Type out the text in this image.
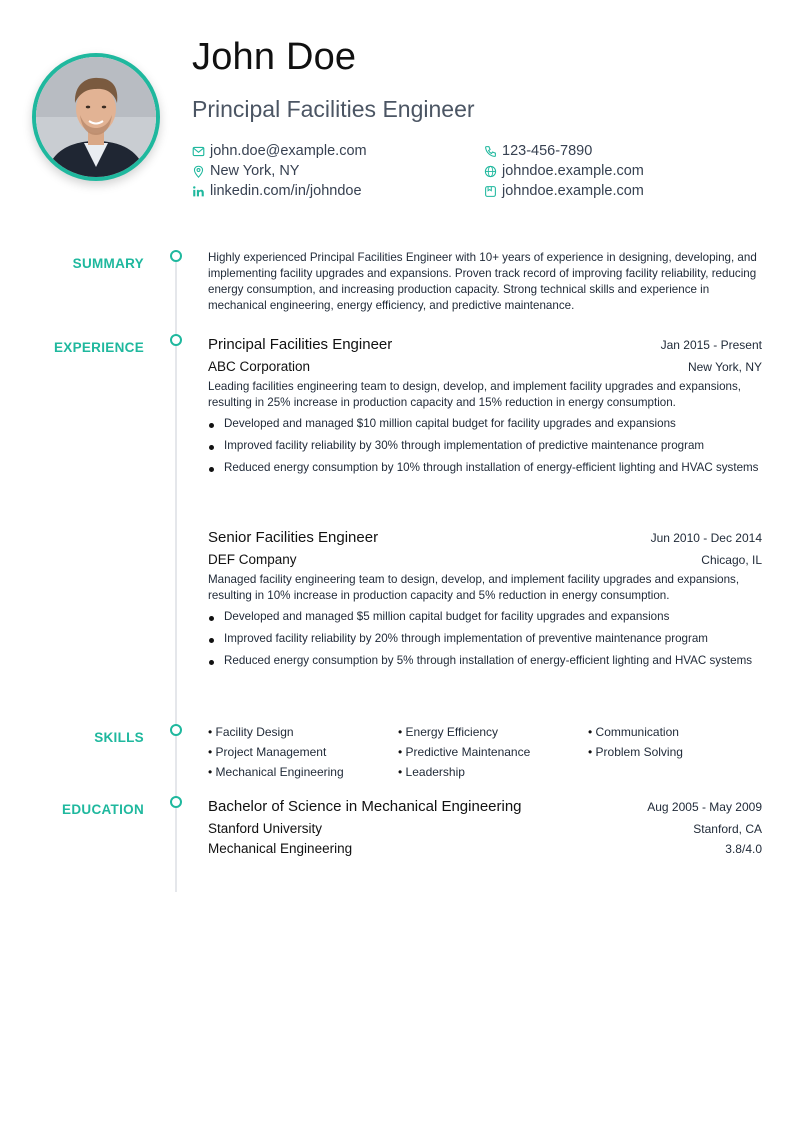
John Doe
Principal Facilities Engineer
john.doe@example.com	123-456-7890
New York, NY	johndoe.example.com
linkedin.com/in/johndoe	johndoe.example.com
SUMMARY	Highly experienced Principal Facilities Engineer with 10+ years of experience in designing, developing, and implementing facility upgrades and expansions. Proven track record of improving facility reliability, reducing energy consumption, and increasing production capacity. Strong technical skills and experience in mechanical engineering, energy efficiency, and predictive maintenance.

EXPERIENCE	Principal Facilities Engineer	Jan 2015 - Present
ABC Corporation	New York, NY

Leading facilities engineering team to design, develop, and implement facility upgrades and expansions, resulting in 25% increase in production capacity and 15% reduction in energy consumption.

Developed and managed $10 million capital budget for facility upgrades and expansions
Improved facility reliability by 30% through implementation of predictive maintenance program
Reduced energy consumption by 10% through installation of energy-efficient lighting and HVAC systems
Senior Facilities Engineer	Jun 2010 - Dec 2014
DEF Company	Chicago, IL

Managed facility engineering team to design, develop, and implement facility upgrades and expansions, resulting in 10% increase in production capacity and 5% reduction in energy consumption.

Developed and managed $5 million capital budget for facility upgrades and expansions
Improved facility reliability by 20% through implementation of preventive maintenance program
Reduced energy consumption by 5% through installation of energy-efficient lighting and HVAC systems
SKILLS	• Facility Design	• Energy Efficiency	• Communication
• Project Management	• Predictive Maintenance	• Problem Solving
• Mechanical Engineering	• Leadership
EDUCATION	Bachelor of Science in Mechanical Engineering	Aug 2005 - May 2009
Stanford University	Stanford, CA
Mechanical Engineering	3.8/4.0
